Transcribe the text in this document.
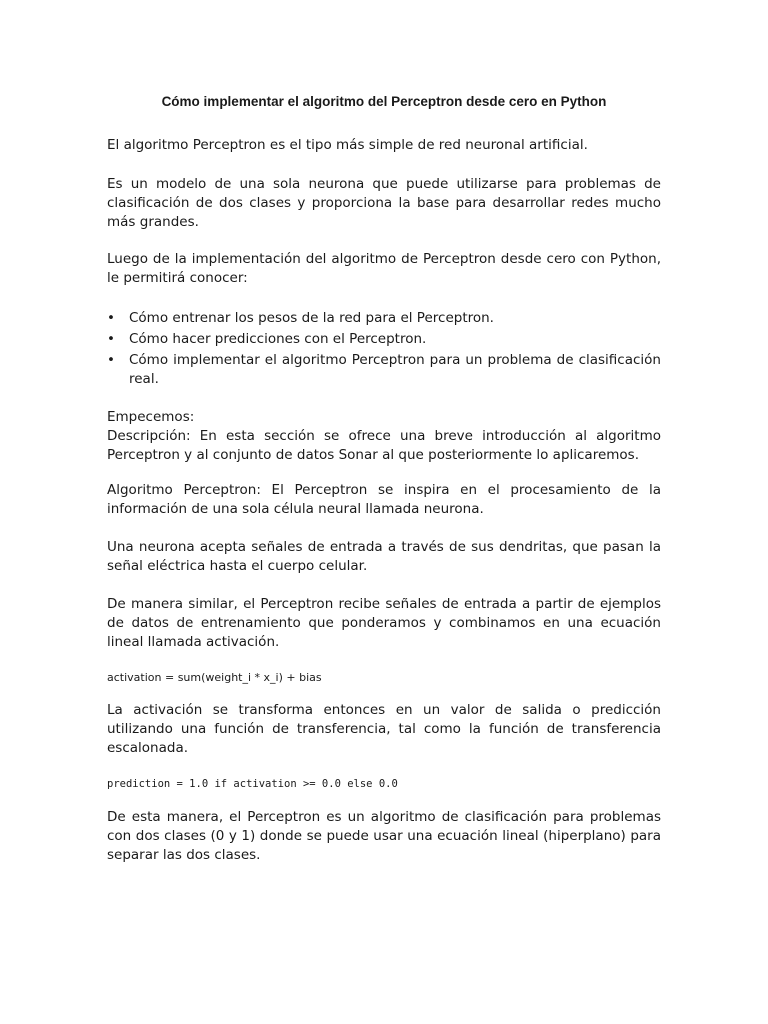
Cómo implementar el algoritmo del Perceptron desde cero en Python

El algoritmo Perceptron es el tipo más simple de red neuronal artificial.

Es un modelo de una sola neurona que puede utilizarse para problemas de clasificación de dos clases y proporciona la base para desarrollar redes mucho más grandes.

Luego de la implementación del algoritmo de Perceptron desde cero con Python, le permitirá conocer:

• Cómo entrenar los pesos de la red para el Perceptron.
• Cómo hacer predicciones con el Perceptron.
• Cómo implementar el algoritmo Perceptron para un problema de clasificación real.

Empecemos:

Descripción: En esta sección se ofrece una breve introducción al algoritmo Perceptron y al conjunto de datos Sonar al que posteriormente lo aplicaremos.

Algoritmo Perceptron: El Perceptron se inspira en el procesamiento de la información de una sola célula neural llamada neurona.

Una neurona acepta señales de entrada a través de sus dendritas, que pasan la señal eléctrica hasta el cuerpo celular.

De manera similar, el Perceptron recibe señales de entrada a partir de ejemplos de datos de entrenamiento que ponderamos y combinamos en una ecuación lineal llamada activación.

activation = sum(weight_i * x_i) + bias

La activación se transforma entonces en un valor de salida o predicción utilizando una función de transferencia, tal como la función de transferencia escalonada.

prediction = 1.0 if activation >= 0.0 else 0.0

De esta manera, el Perceptron es un algoritmo de clasificación para problemas con dos clases (0 y 1) donde se puede usar una ecuación lineal (hiperplano) para separar las dos clases.
